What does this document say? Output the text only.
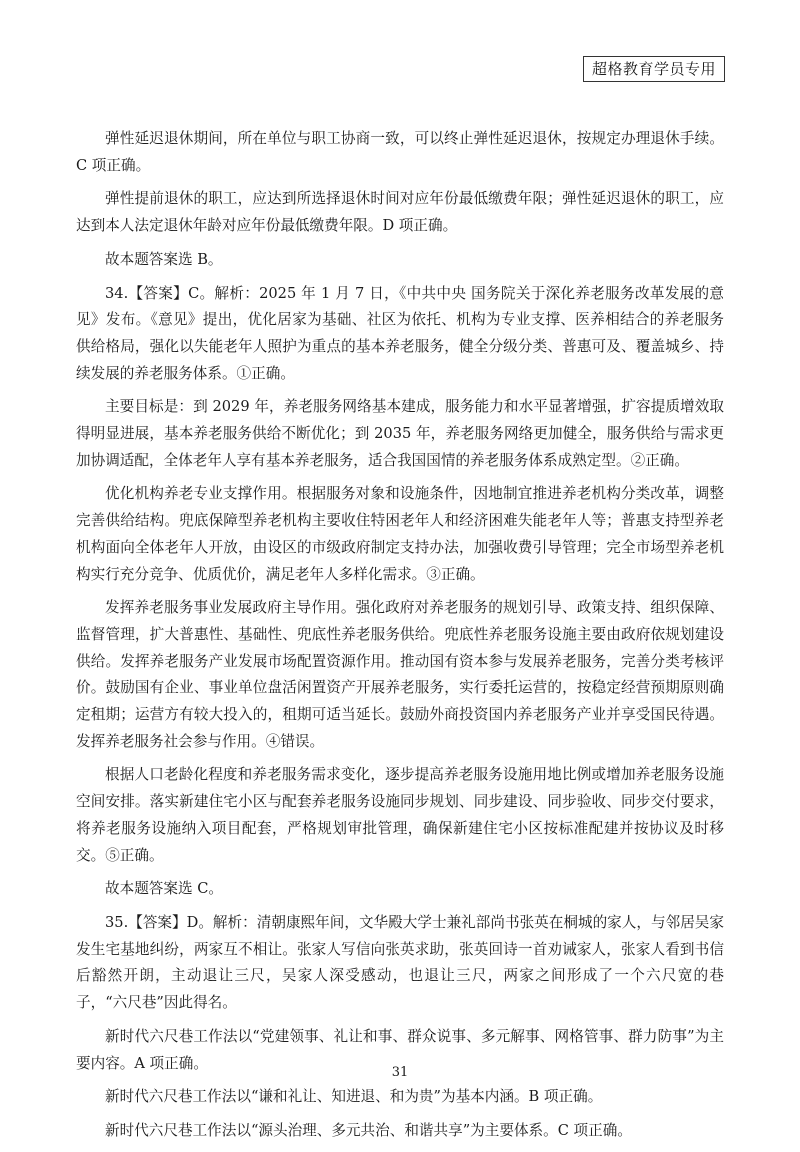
超格教育学员专用

弹性延迟退休期间，所在单位与职工协商一致，可以终止弹性延迟退休，按规定办理退休手续。C 项正确。

弹性提前退休的职工，应达到所选择退休时间对应年份最低缴费年限；弹性延迟退休的职工，应达到本人法定退休年龄对应年份最低缴费年限。D 项正确。

故本题答案选 B。

34.【答案】C。解析：2025 年 1 月 7 日，《中共中央 国务院关于深化养老服务改革发展的意见》发布。《意见》提出，优化居家为基础、社区为依托、机构为专业支撑、医养相结合的养老服务供给格局，强化以失能老年人照护为重点的基本养老服务，健全分级分类、普惠可及、覆盖城乡、持续发展的养老服务体系。①正确。

主要目标是：到 2029 年，养老服务网络基本建成，服务能力和水平显著增强，扩容提质增效取得明显进展，基本养老服务供给不断优化；到 2035 年，养老服务网络更加健全，服务供给与需求更加协调适配，全体老年人享有基本养老服务，适合我国国情的养老服务体系成熟定型。②正确。

优化机构养老专业支撑作用。根据服务对象和设施条件，因地制宜推进养老机构分类改革，调整完善供给结构。兜底保障型养老机构主要收住特困老年人和经济困难失能老年人等；普惠支持型养老机构面向全体老年人开放，由设区的市级政府制定支持办法，加强收费引导管理；完全市场型养老机构实行充分竞争、优质优价，满足老年人多样化需求。③正确。

发挥养老服务事业发展政府主导作用。强化政府对养老服务的规划引导、政策支持、组织保障、监督管理，扩大普惠性、基础性、兜底性养老服务供给。兜底性养老服务设施主要由政府依规划建设供给。发挥养老服务产业发展市场配置资源作用。推动国有资本参与发展养老服务，完善分类考核评价。鼓励国有企业、事业单位盘活闲置资产开展养老服务，实行委托运营的，按稳定经营预期原则确定租期；运营方有较大投入的，租期可适当延长。鼓励外商投资国内养老服务产业并享受国民待遇。发挥养老服务社会参与作用。④错误。

根据人口老龄化程度和养老服务需求变化，逐步提高养老服务设施用地比例或增加养老服务设施空间安排。落实新建住宅小区与配套养老服务设施同步规划、同步建设、同步验收、同步交付要求，将养老服务设施纳入项目配套，严格规划审批管理，确保新建住宅小区按标准配建并按协议及时移交。⑤正确。

故本题答案选 C。

35.【答案】D。解析：清朝康熙年间，文华殿大学士兼礼部尚书张英在桐城的家人，与邻居吴家发生宅基地纠纷，两家互不相让。张家人写信向张英求助，张英回诗一首劝诫家人，张家人看到书信后豁然开朗，主动退让三尺，吴家人深受感动，也退让三尺，两家之间形成了一个六尺宽的巷子，“六尺巷”因此得名。

新时代六尺巷工作法以“党建领事、礼让和事、群众说事、多元解事、网格管事、群力防事”为主要内容。A 项正确。

新时代六尺巷工作法以“谦和礼让、知进退、和为贵”为基本内涵。B 项正确。

新时代六尺巷工作法以“源头治理、多元共治、和谐共享”为主要体系。C 项正确。

31
